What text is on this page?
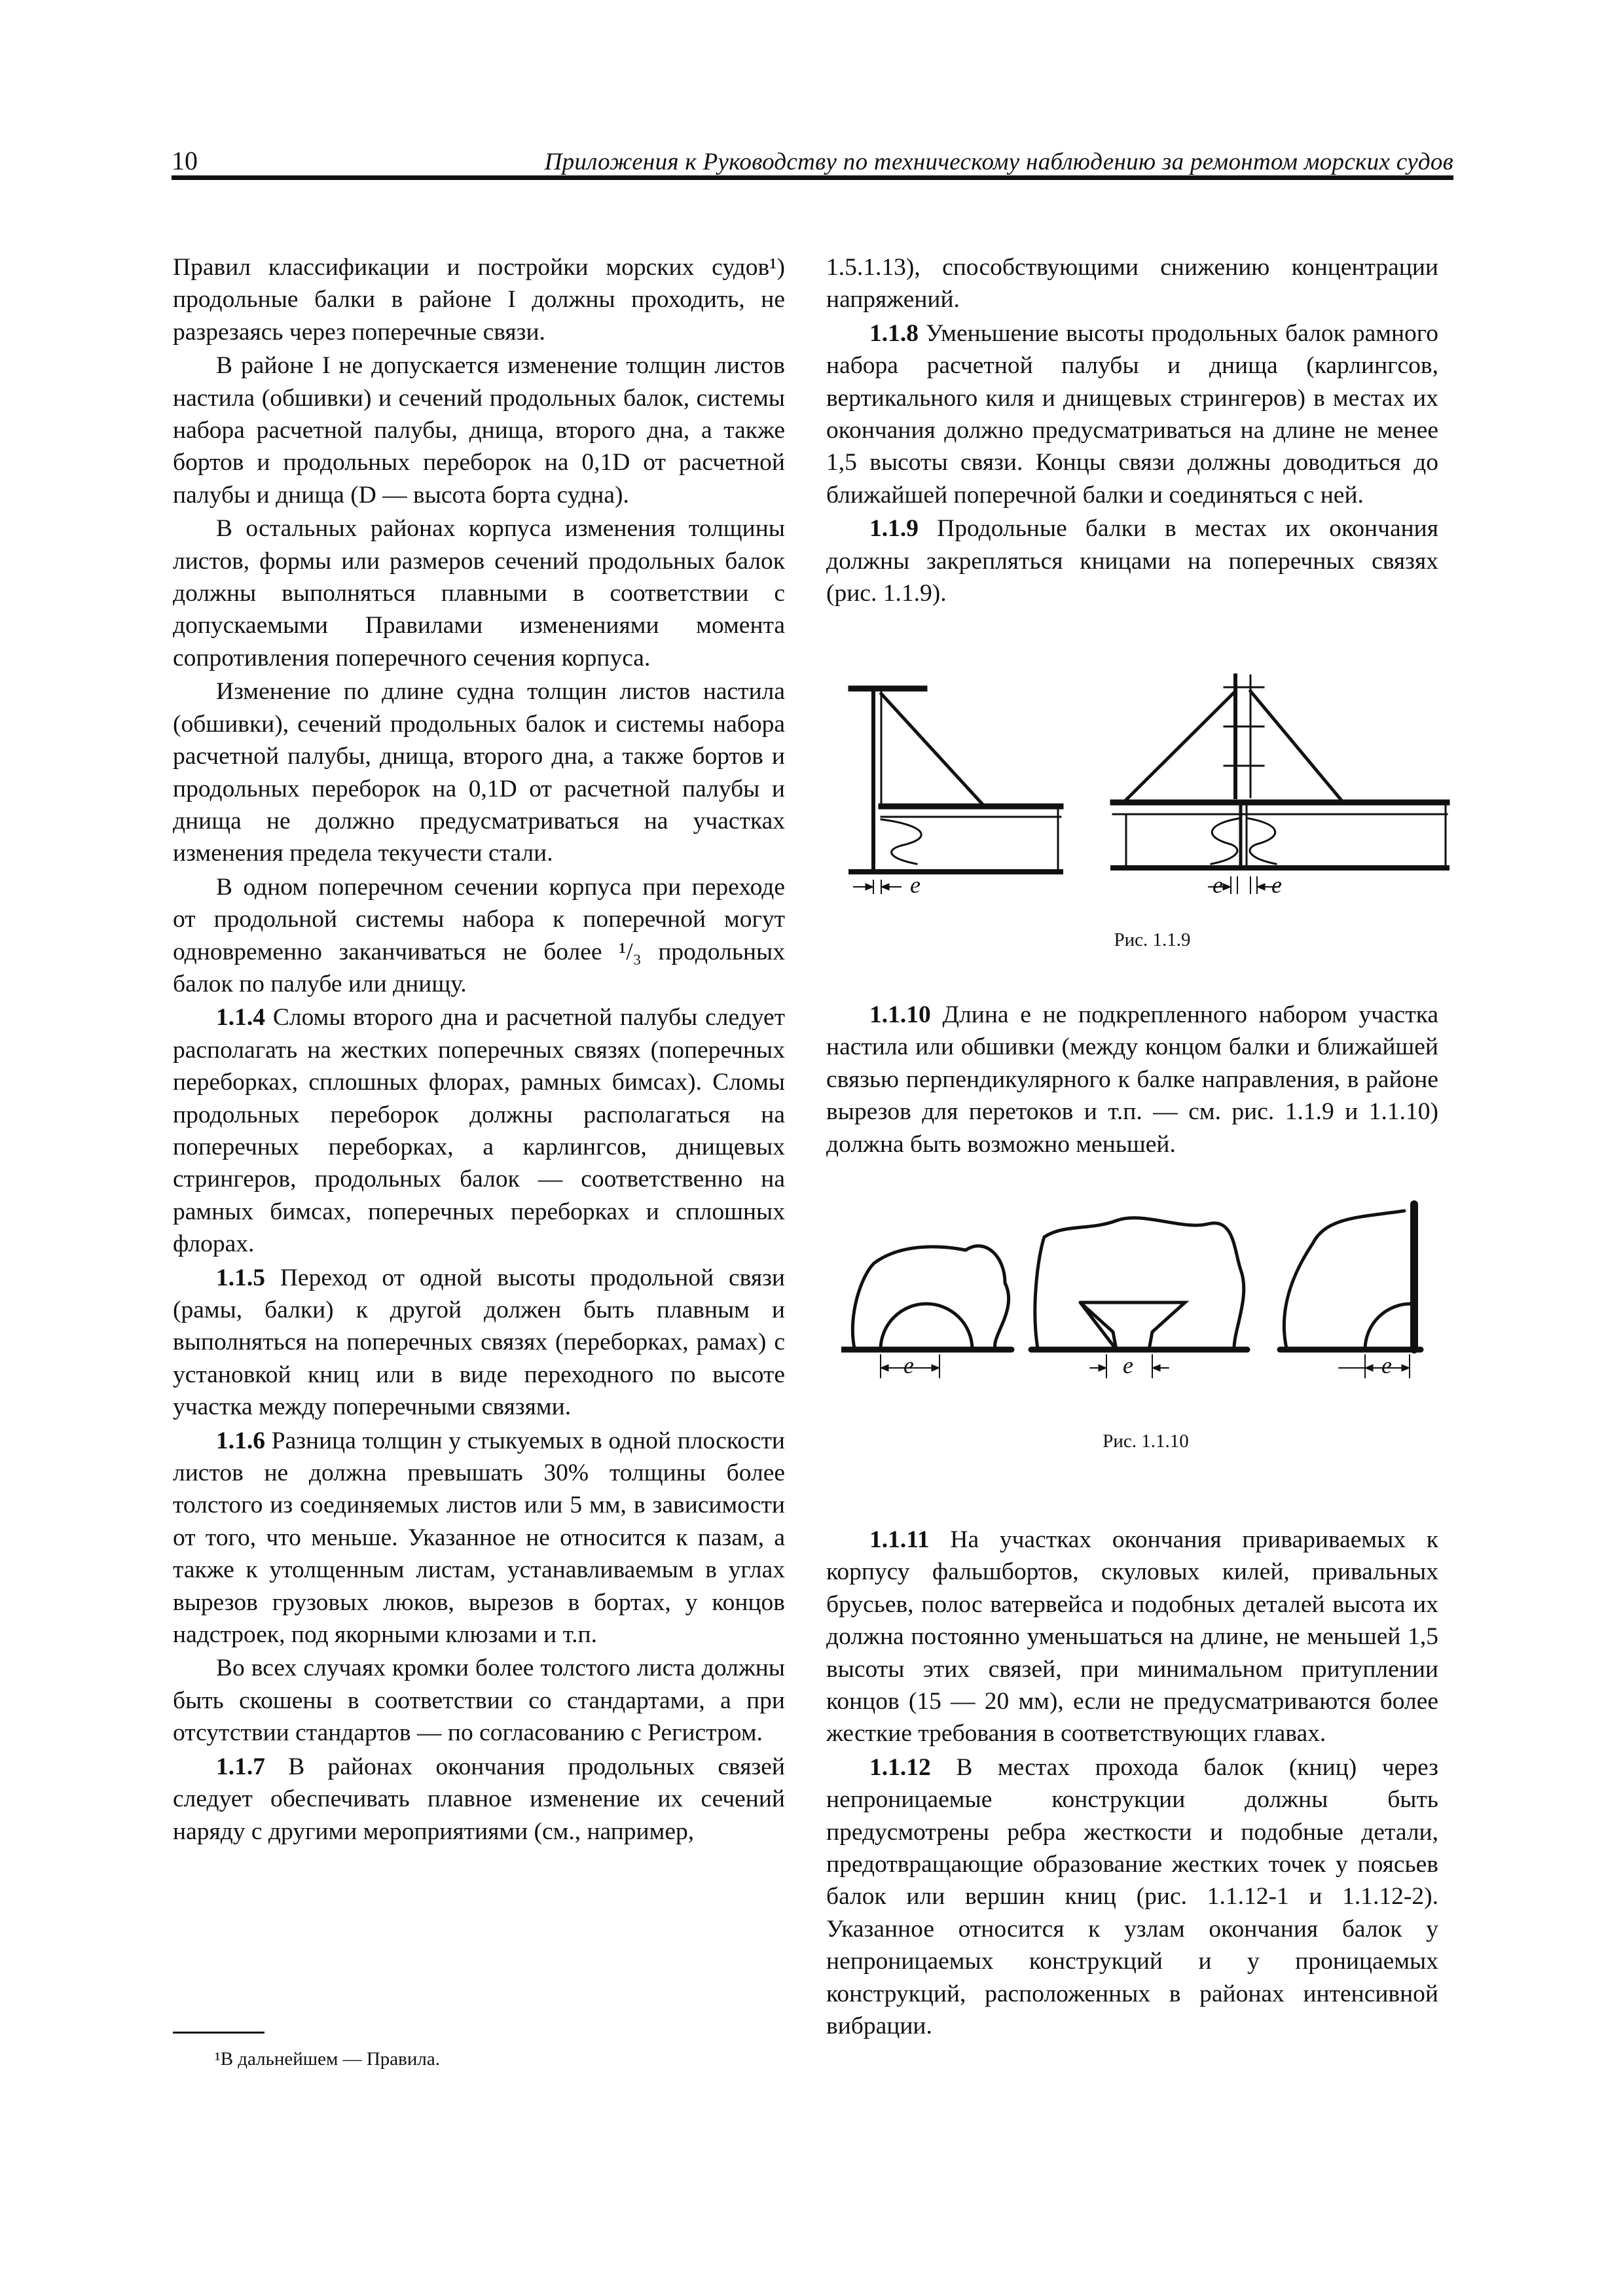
10	Приложения к Руководству по техническому наблюдению за ремонтом морских судов

Правил классификации и постройки морских судов¹) продольные балки в районе I должны проходить, не разрезаясь через поперечные связи.

В районе I не допускается изменение толщин листов настила (обшивки) и сечений продольных балок, системы набора расчетной палубы, днища, второго дна, а также бортов и продольных переборок на 0,1D от расчетной палубы и днища (D — высота борта судна).

В остальных районах корпуса изменения толщины листов, формы или размеров сечений продольных балок должны выполняться плавными в соответствии с допускаемыми Правилами изменениями момента сопротивления поперечного сечения корпуса.

Изменение по длине судна толщин листов настила (обшивки), сечений продольных балок и системы набора расчетной палубы, днища, второго дна, а также бортов и продольных переборок на 0,1D от расчетной палубы и днища не должно предусматриваться на участках изменения предела текучести стали.

В одном поперечном сечении корпуса при переходе от продольной системы набора к поперечной могут одновременно заканчиваться не более ¹/₃ продольных балок по палубе или днищу.

1.1.4 Сломы второго дна и расчетной палубы следует располагать на жестких поперечных связях (поперечных переборках, сплошных флорах, рамных бимсах). Сломы продольных переборок должны располагаться на поперечных переборках, а карлингсов, днищевых стрингеров, продольных балок — соответственно на рамных бимсах, поперечных переборках и сплошных флорах.

1.1.5 Переход от одной высоты продольной связи (рамы, балки) к другой должен быть плавным и выполняться на поперечных связях (переборках, рамах) с установкой книц или в виде переходного по высоте участка между поперечными связями.

1.1.6 Разница толщин у стыкуемых в одной плоскости листов не должна превышать 30% толщины более толстого из соединяемых листов или 5 мм, в зависимости от того, что меньше. Указанное не относится к пазам, а также к утолщенным листам, устанавливаемым в углах вырезов грузовых люков, вырезов в бортах, у концов надстроек, под якорными клюзами и т.п.

Во всех случаях кромки более толстого листа должны быть скошены в соответствии со стандартами, а при отсутствии стандартов — по согласованию с Регистром.

1.1.7 В районах окончания продольных связей следует обеспечивать плавное изменение их сечений наряду с другими мероприятиями (см., например,

1.5.1.13), способствующими снижению концентрации напряжений.

1.1.8 Уменьшение высоты продольных балок рамного набора расчетной палубы и днища (карлингсов, вертикального киля и днищевых стрингеров) в местах их окончания должно предусматриваться на длине не менее 1,5 высоты связи. Концы связи должны доводиться до ближайшей поперечной балки и соединяться с ней.

1.1.9 Продольные балки в местах их окончания должны закрепляться кницами на поперечных связях (рис. 1.1.9).

e	e e
Рис. 1.1.9

1.1.10 Длина e не подкрепленного набором участка настила или обшивки (между концом балки и ближайшей связью перпендикулярного к балке направления, в районе вырезов для перетоков и т.п. — см. рис. 1.1.9 и 1.1.10) должна быть возможно меньшей.

e	e	e
Рис. 1.1.10

1.1.11 На участках окончания привариваемых к корпусу фальшбортов, скуловых килей, привальных брусьев, полос ватервейса и подобных деталей высота их должна постоянно уменьшаться на длине, не меньшей 1,5 высоты этих связей, при минимальном притуплении концов (15 — 20 мм), если не предусматриваются более жесткие требования в соответствующих главах.

1.1.12 В местах прохода балок (книц) через непроницаемые конструкции должны быть предусмотрены ребра жесткости и подобные детали, предотвращающие образование жестких точек у поясьев балок или вершин книц (рис. 1.1.12-1 и 1.1.12-2). Указанное относится к узлам окончания балок у непроницаемых конструкций и у проницаемых конструкций, расположенных в районах интенсивной вибрации.

¹В дальнейшем — Правила.
